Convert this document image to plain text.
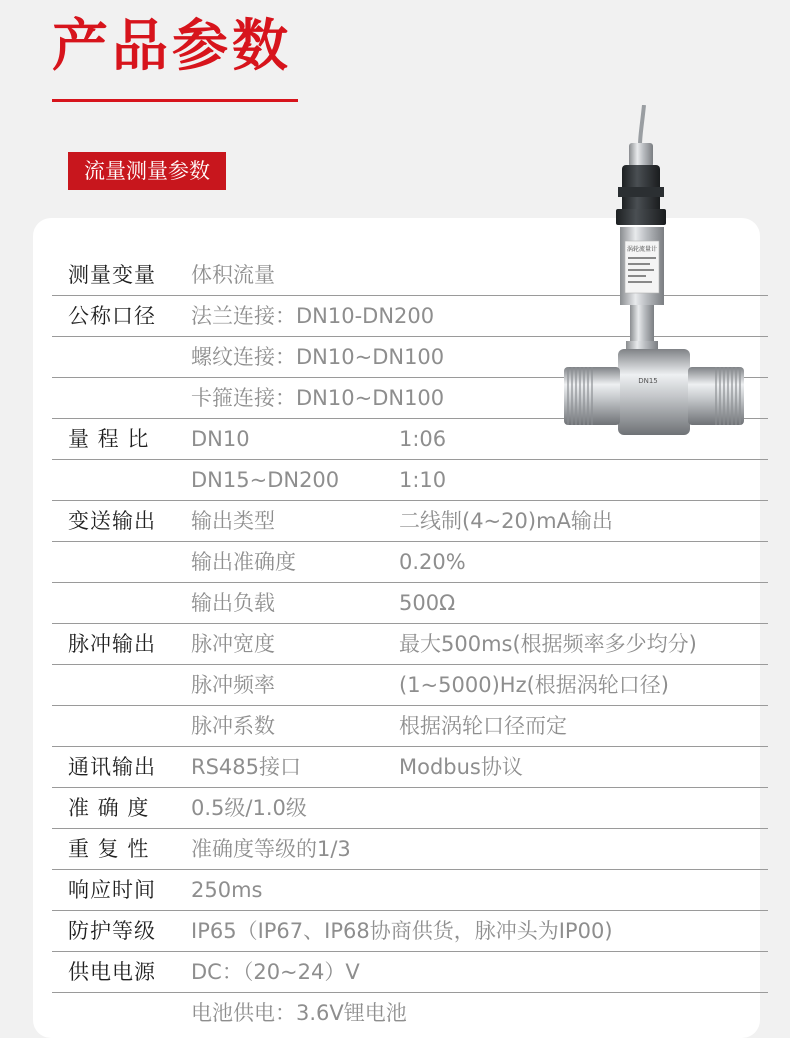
产品参数
流量测量参数
测量变量 体积流量
公称口径 法兰连接：DN10-DN200
螺纹连接：DN10~DN100
卡箍连接：DN10~DN100
量 程 比 DN10	1:06
DN15~DN200	1:10
变送输出 输出类型	二线制(4~20)mA输出
输出准确度	0.20%
输出负载	500Ω
脉冲输出 脉冲宽度	最大500ms(根据频率多少均分)
脉冲频率	(1~5000)Hz(根据涡轮口径)
脉冲系数	根据涡轮口径而定
通讯输出 RS485接口	Modbus协议
准 确 度 0.5级/1.0级
重 复 性 准确度等级的1/3
响应时间 250ms
防护等级 IP65（IP67、IP68协商供货，脉冲头为IP00)
供电电源 DC：（20~24）V
电池供电：3.6V锂电池
涡轮流量计
DN15
